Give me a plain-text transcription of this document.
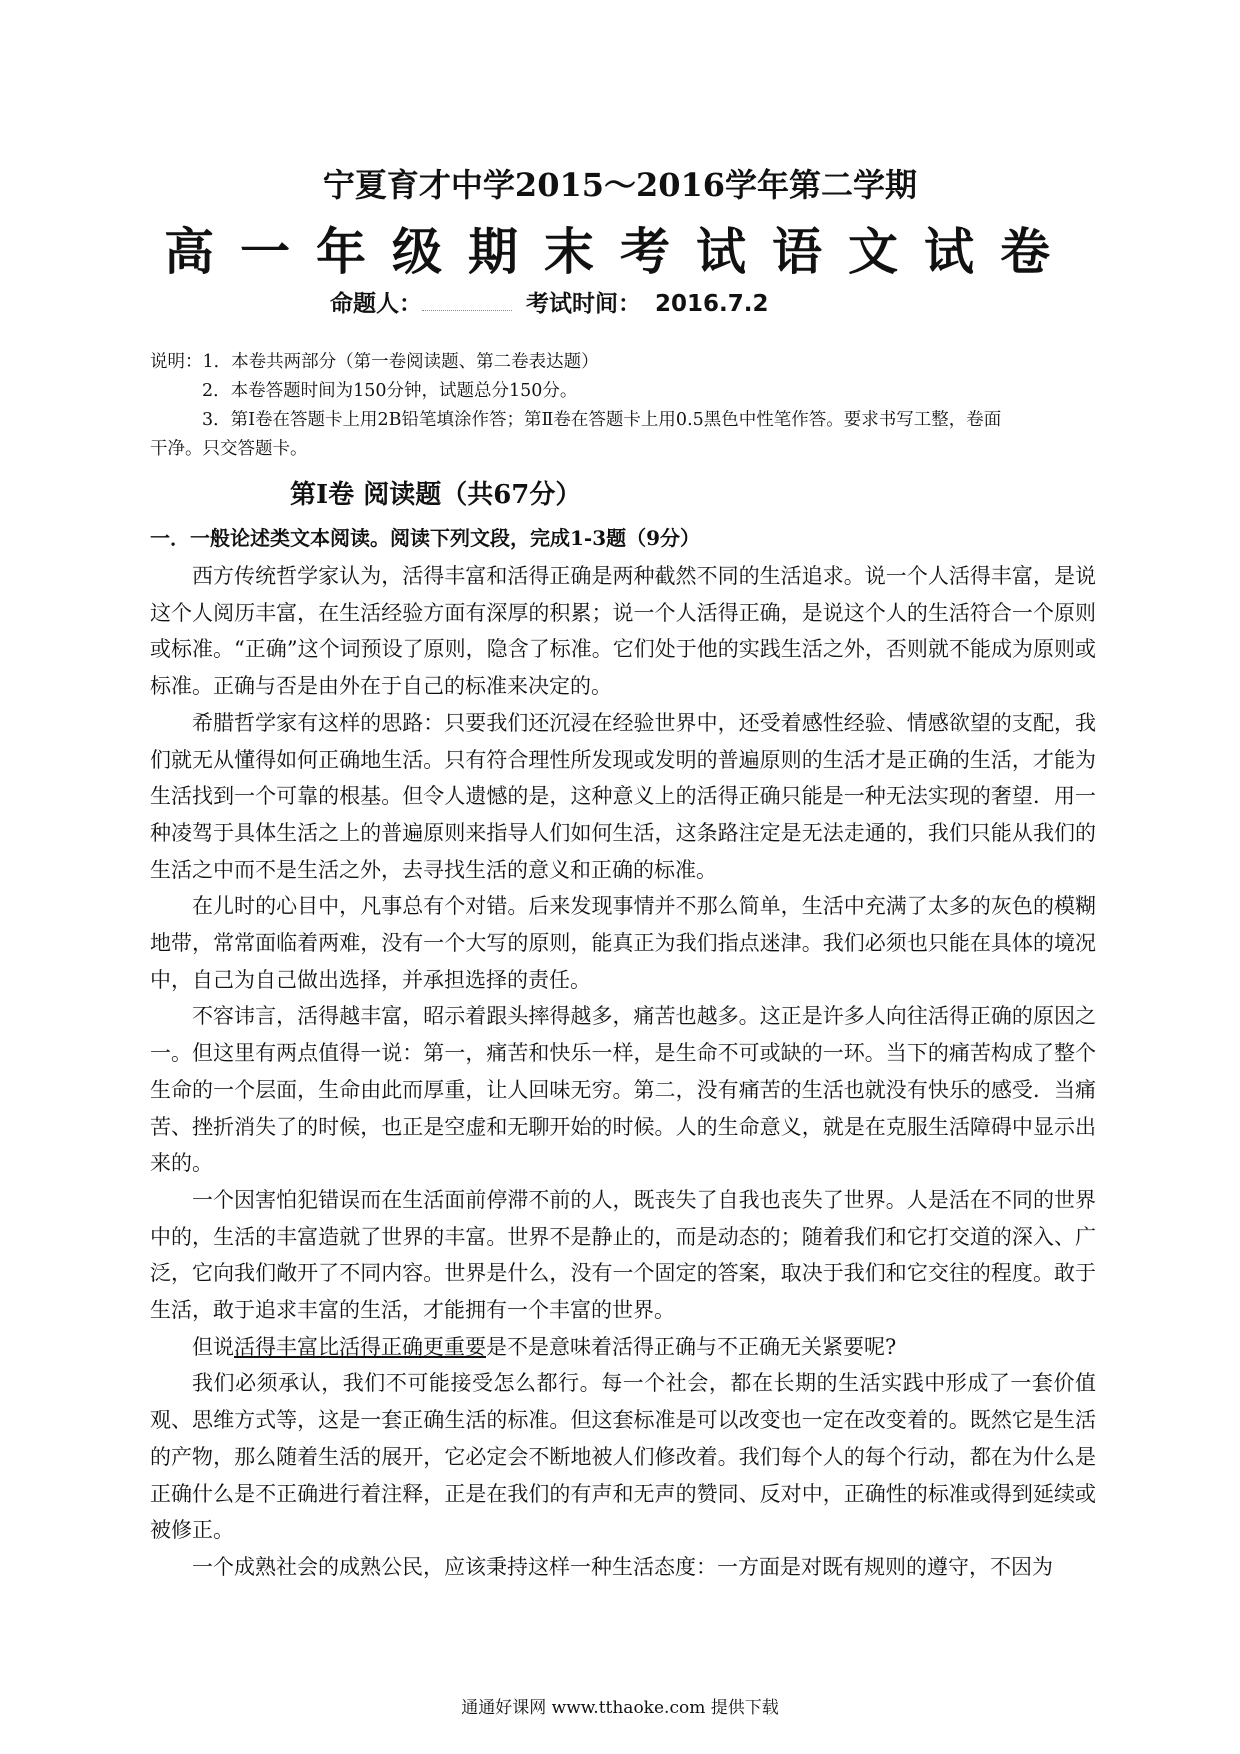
宁夏育才中学2015～2016学年第二学期
高一年级期末考试语文试卷
命题人：	考试时间： 2016.7.2
说明：1．本卷共两部分（第一卷阅读题、第二卷表达题）
2．本卷答题时间为150分钟，试题总分150分。
3．第Ⅰ卷在答题卡上用2B铅笔填涂作答；第Ⅱ卷在答题卡上用0.5黑色中性笔作答。要求书写工整，卷面
干净。只交答题卡。
第Ⅰ卷 阅读题（共67分）
一．一般论述类文本阅读。阅读下列文段，完成1-3题（9分）

西方传统哲学家认为，活得丰富和活得正确是两种截然不同的生活追求。说一个人活得丰富，是说这个人阅历丰富，在生活经验方面有深厚的积累；说一个人活得正确，是说这个人的生活符合一个原则或标准。“正确”这个词预设了原则，隐含了标准。它们处于他的实践生活之外，否则就不能成为原则或标准。正确与否是由外在于自己的标准来决定的。

希腊哲学家有这样的思路：只要我们还沉浸在经验世界中，还受着感性经验、情感欲望的支配，我们就无从懂得如何正确地生活。只有符合理性所发现或发明的普遍原则的生活才是正确的生活，才能为生活找到一个可靠的根基。但令人遗憾的是，这种意义上的活得正确只能是一种无法实现的奢望．用一种凌驾于具体生活之上的普遍原则来指导人们如何生活，这条路注定是无法走通的，我们只能从我们的生活之中而不是生活之外，去寻找生活的意义和正确的标准。

在儿时的心目中，凡事总有个对错。后来发现事情并不那么简单，生活中充满了太多的灰色的模糊地带，常常面临着两难，没有一个大写的原则，能真正为我们指点迷津。我们必须也只能在具体的境况中，自己为自己做出选择，并承担选择的责任。

不容讳言，活得越丰富，昭示着跟头摔得越多，痛苦也越多。这正是许多人向往活得正确的原因之一。但这里有两点值得一说：第一，痛苦和快乐一样，是生命不可或缺的一环。当下的痛苦构成了整个生命的一个层面，生命由此而厚重，让人回味无穷。第二，没有痛苦的生活也就没有快乐的感受．当痛苦、挫折消失了的时候，也正是空虚和无聊开始的时候。人的生命意义，就是在克服生活障碍中显示出来的。

一个因害怕犯错误而在生活面前停滞不前的人，既丧失了自我也丧失了世界。人是活在不同的世界中的，生活的丰富造就了世界的丰富。世界不是静止的，而是动态的；随着我们和它打交道的深入、广泛，它向我们敞开了不同内容。世界是什么，没有一个固定的答案，取决于我们和它交往的程度。敢于生活，敢于追求丰富的生活，才能拥有一个丰富的世界。

但说活得丰富比活得正确更重要是不是意味着活得正确与不正确无关紧要呢?

我们必须承认，我们不可能接受怎么都行。每一个社会，都在长期的生活实践中形成了一套价值观、思维方式等，这是一套正确生活的标准。但这套标准是可以改变也一定在改变着的。既然它是生活的产物，那么随着生活的展开，它必定会不断地被人们修改着。我们每个人的每个行动，都在为什么是正确什么是不正确进行着注释，正是在我们的有声和无声的赞同、反对中，正确性的标准或得到延续或被修正。

一个成熟社会的成熟公民，应该秉持这样一种生活态度：一方面是对既有规则的遵守，不因为

通通好课网 www.tthaoke.com 提供下载
